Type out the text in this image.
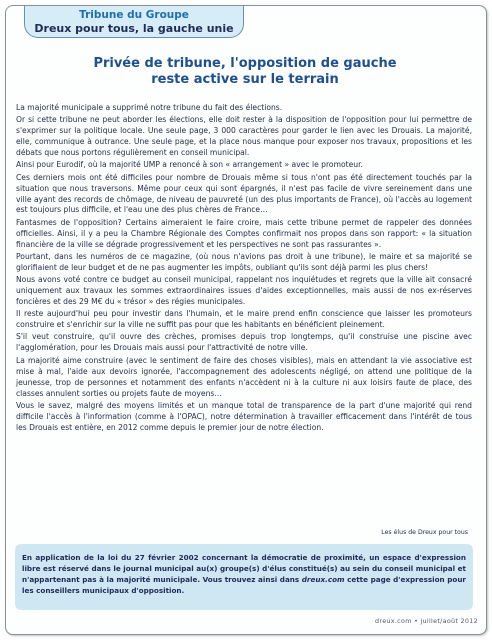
Tribune du Groupe
Dreux pour tous, la gauche unie
Privée de tribune, l'opposition de gauche
reste active sur le terrain

La majorité municipale a supprimé notre tribune du fait des élections.

Or si cette tribune ne peut aborder les élections, elle doit rester à la disposition de l'opposition pour lui permettre de s'exprimer sur la politique locale. Une seule page, 3 000 caractères pour garder le lien avec les Drouais. La majorité, elle, communique à outrance. Une seule page, et la place nous manque pour exposer nos travaux, propositions et les débats que nous portons régulièrement en conseil municipal.

Ainsi pour Eurodif, où la majorité UMP a renoncé à son « arrangement » avec le promoteur.

Ces derniers mois ont été difficiles pour nombre de Drouais même si tous n'ont pas été directement touchés par la situation que nous traversons. Même pour ceux qui sont épargnés, il n'est pas facile de vivre sereinement dans une ville ayant des records de chômage, de niveau de pauvreté (un des plus importants de France), où l'accès au logement est toujours plus difficile, et l'eau une des plus chères de France…

Fantasmes de l'opposition? Certains aimeraient le faire croire, mais cette tribune permet de rappeler des données officielles. Ainsi, il y a peu la Chambre Régionale des Comptes confirmait nos propos dans son rapport: « la situation financière de la ville se dégrade progressivement et les perspectives ne sont pas rassurantes ».

Pourtant, dans les numéros de ce magazine, (où nous n'avions pas droit à une tribune), le maire et sa majorité se glorifiaient de leur budget et de ne pas augmenter les impôts, oubliant qu'ils sont déjà parmi les plus chers!

Nous avons voté contre ce budget au conseil municipal, rappelant nos inquiétudes et regrets que la ville ait consacré uniquement aux travaux les sommes extraordinaires issues d'aides exceptionnelles, mais aussi de nos ex-réserves foncières et des 29 M€ du « trésor » des régies municipales.

Il reste aujourd'hui peu pour investir dans l'humain, et le maire prend enfin conscience que laisser les promoteurs construire et s'enrichir sur la ville ne suffit pas pour que les habitants en bénéficient pleinement.

S'il veut construire, qu'il ouvre des crèches, promises depuis trop longtemps, qu'il construise une piscine avec l'agglomération, pour les Drouais mais aussi pour l'attractivité de notre ville.

La majorité aime construire (avec le sentiment de faire des choses visibles), mais en attendant la vie associative est mise à mal, l'aide aux devoirs ignorée, l'accompagnement des adolescents négligé, on attend une politique de la jeunesse, trop de personnes et notamment des enfants n'accèdent ni à la culture ni aux loisirs faute de place, des classes annulent sorties ou projets faute de moyens…

Vous le savez, malgré des moyens limités et un manque total de transparence de la part d'une majorité qui rend difficile l'accès à l'information (comme à l'OPAC), notre détermination à travailler efficacement dans l'intérêt de tous les Drouais est entière, en 2012 comme depuis le premier jour de notre élection.

Les élus de Dreux pour tous

En application de la loi du 27 février 2002 concernant la démocratie de proximité, un espace d'expression libre est réservé dans le journal municipal au(x) groupe(s) d'élus constitué(s) au sein du conseil municipal et n'appartenant pas à la majorité municipale. Vous trouvez ainsi dans dreux.com cette page d'expression pour les conseillers municipaux d'opposition.

dreux.com • juillet/août 2012
